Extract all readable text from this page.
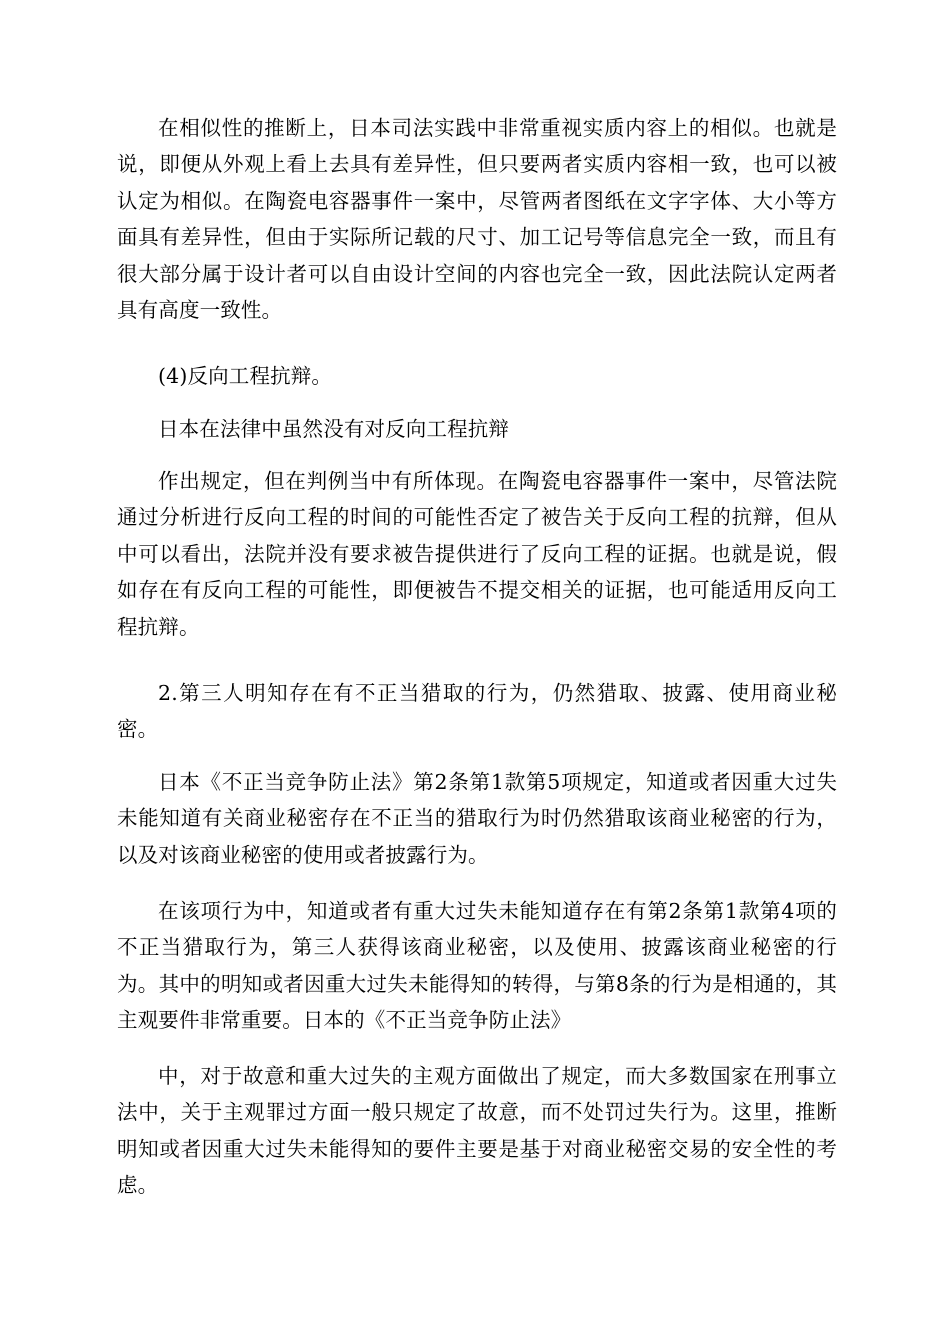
在相似性的推断上，日本司法实践中非常重视实质内容上的相似。也就是说，即便从外观上看上去具有差异性，但只要两者实质内容相一致，也可以被认定为相似。在陶瓷电容器事件一案中，尽管两者图纸在文字字体、大小等方面具有差异性，但由于实际所记载的尺寸、加工记号等信息完全一致，而且有很大部分属于设计者可以自由设计空间的内容也完全一致，因此法院认定两者具有高度一致性。

(4)反向工程抗辩。

日本在法律中虽然没有对反向工程抗辩

作出规定，但在判例当中有所体现。在陶瓷电容器事件一案中，尽管法院通过分析进行反向工程的时间的可能性否定了被告关于反向工程的抗辩，但从中可以看出，法院并没有要求被告提供进行了反向工程的证据。也就是说，假如存在有反向工程的可能性，即便被告不提交相关的证据，也可能适用反向工程抗辩。

2.第三人明知存在有不正当猎取的行为，仍然猎取、披露、使用商业秘密。

日本《不正当竞争防止法》第2条第1款第5项规定，知道或者因重大过失未能知道有关商业秘密存在不正当的猎取行为时仍然猎取该商业秘密的行为，以及对该商业秘密的使用或者披露行为。

在该项行为中，知道或者有重大过失未能知道存在有第2条第1款第4项的不正当猎取行为，第三人获得该商业秘密，以及使用、披露该商业秘密的行为。其中的明知或者因重大过失未能得知的转得，与第8条的行为是相通的，其主观要件非常重要。日本的《不正当竞争防止法》

中，对于故意和重大过失的主观方面做出了规定，而大多数国家在刑事立法中，关于主观罪过方面一般只规定了故意，而不处罚过失行为。这里，推断明知或者因重大过失未能得知的要件主要是基于对商业秘密交易的安全性的考虑。
